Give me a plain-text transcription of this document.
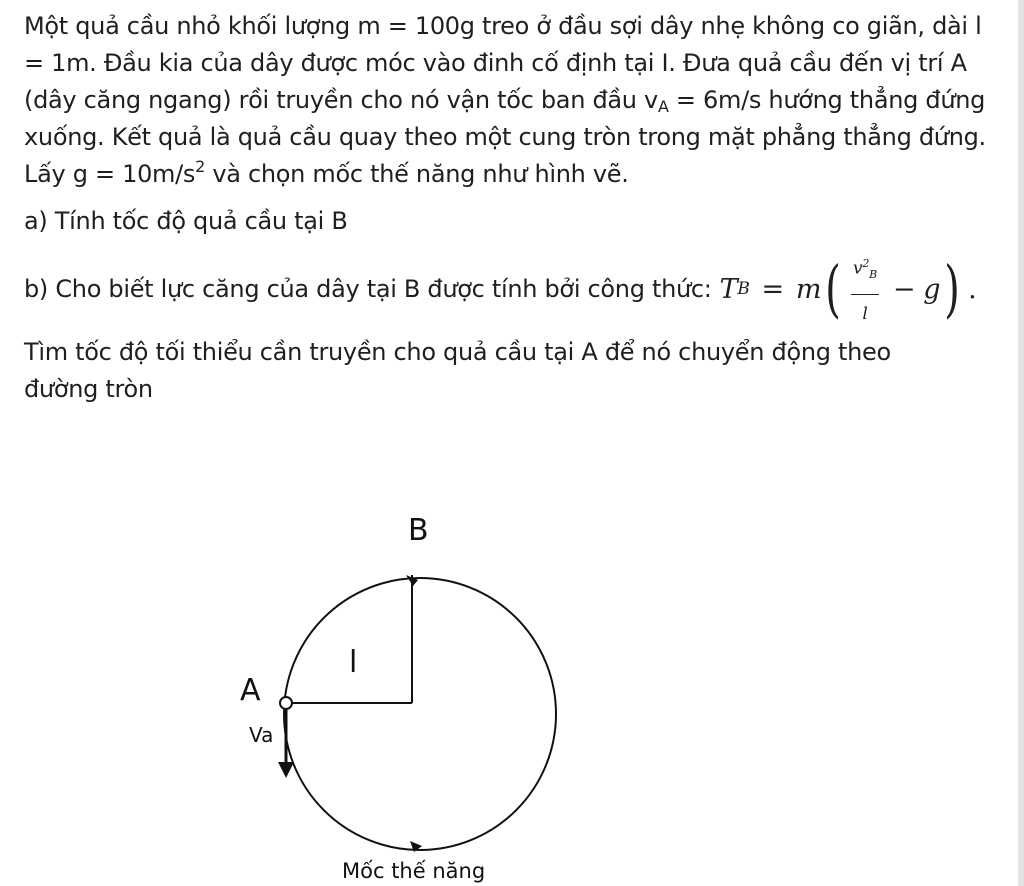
Một quả cầu nhỏ khối lượng m = 100g treo ở đầu sợi dây nhẹ không co giãn, dài l = 1m. Đầu kia của dây được móc vào đinh cố định tại I. Đưa quả cầu đến vị trí A (dây căng ngang) rồi truyền cho nó vận tốc ban đầu $v_A = 6m/s$ hướng thẳng đứng xuống. Kết quả là quả cầu quay theo một cung tròn trong mặt phẳng thẳng đứng. Lấy $g = 10m/s^2$ và chọn mốc thế năng như hình vẽ.

a) Tính tốc độ quả cầu tại B

b) Cho biết lực căng của dây tại B được tính bởi công thức: T B = m ( $\frac{v^2_B}{l} - g$ ) .

Tìm tốc độ tối thiểu cần truyền cho quả cầu tại A để nó chuyển động theo đường tròn

B
A
l
Va
Mốc thế năng
